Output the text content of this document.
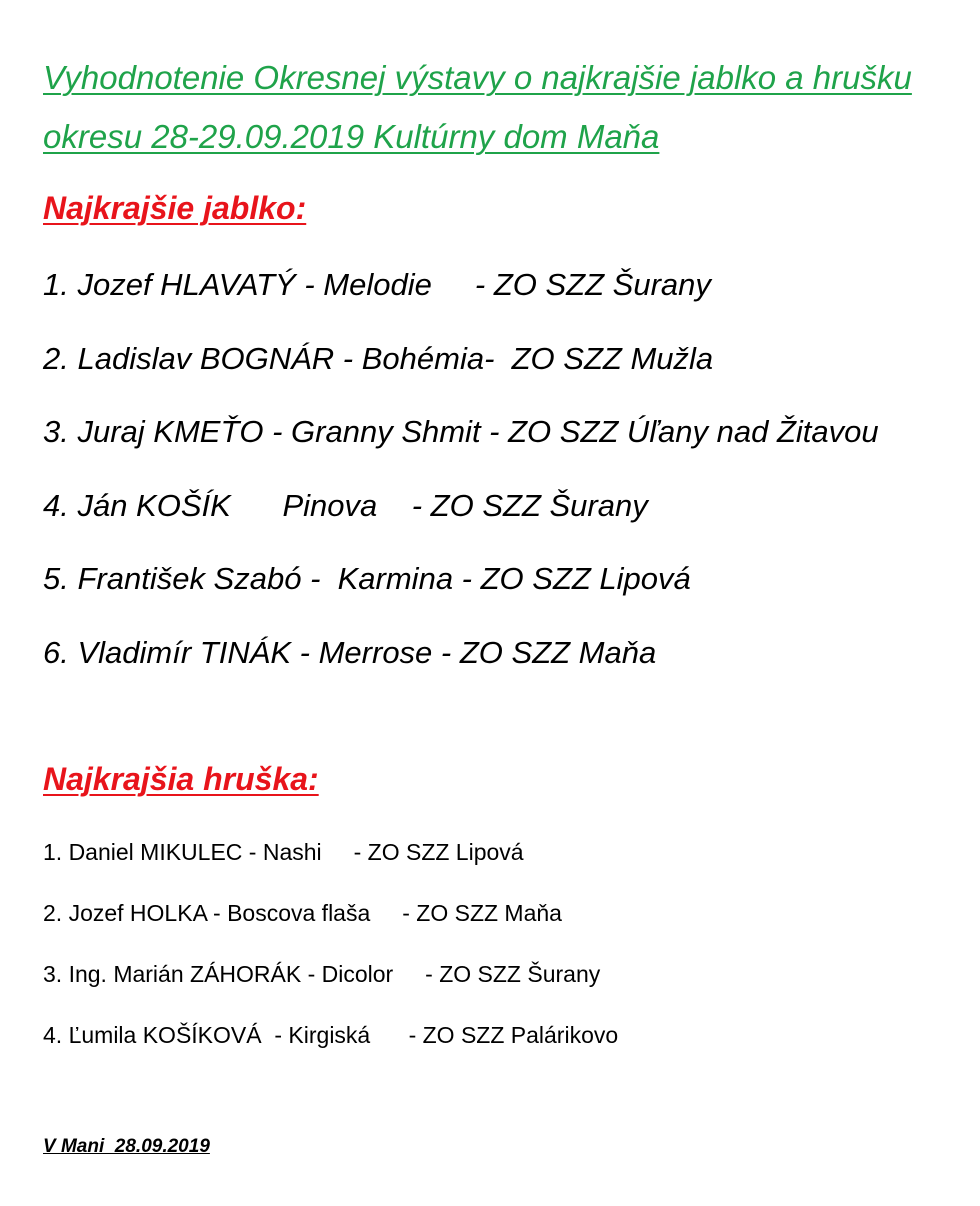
Vyhodnotenie Okresnej výstavy o najkrajšie jablko a hrušku okresu 28-29.09.2019 Kultúrny dom Maňa
Najkrajšie jablko:
1. Jozef HLAVATÝ - Melodie     - ZO SZZ Šurany
2. Ladislav BOGNÁR - Bohémia-  ZO SZZ Mužla
3. Juraj KMEŤO - Granny Shmit - ZO SZZ Úľany nad Žitavou
4. Ján KOŠÍK      Pinova    - ZO SZZ Šurany
5. František Szabó -  Karmina - ZO SZZ Lipová
6. Vladimír TINÁK - Merrose - ZO SZZ Maňa
Najkrajšia hruška:
1. Daniel MIKULEC - Nashi     - ZO SZZ Lipová
2. Jozef HOLKA - Boscova flaša     - ZO SZZ Maňa
3. Ing. Marián ZÁHORÁK - Dicolor     - ZO SZZ Šurany
4. Ľumila KOŠÍKOVÁ  - Kirgiská      - ZO SZZ Palárikovo

V Mani  28.09.2019
